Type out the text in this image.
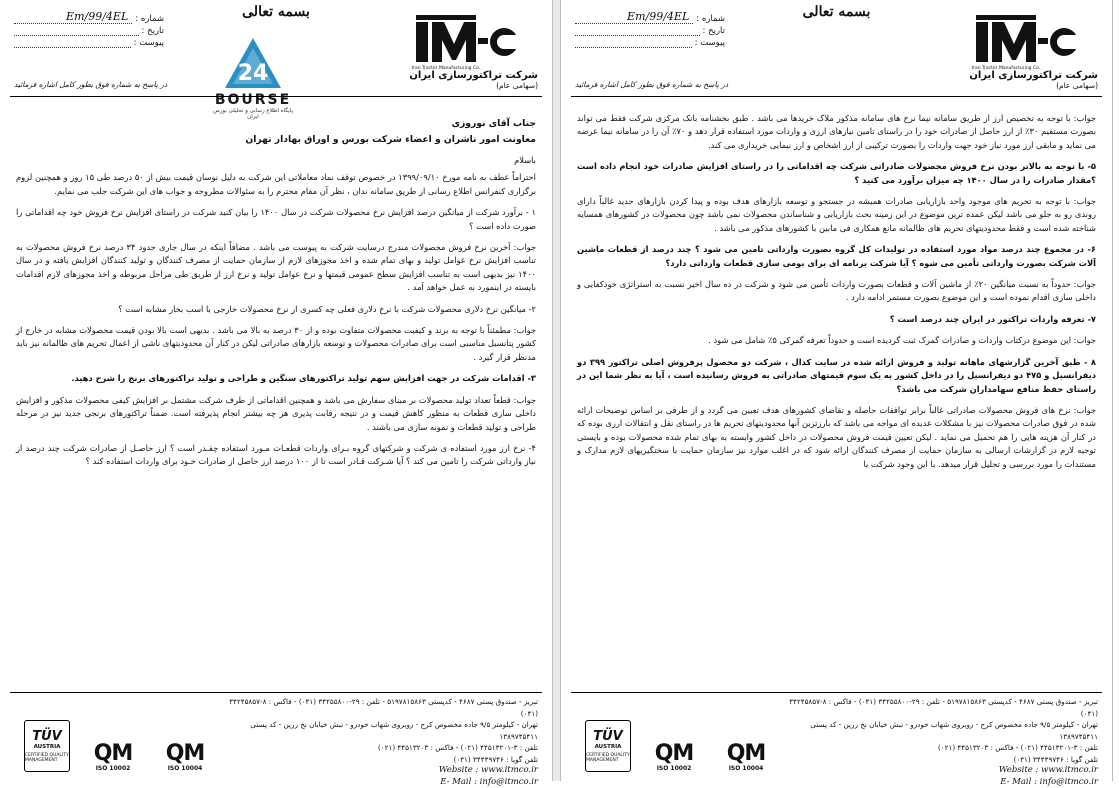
بسمه تعالی
شماره :
Em/99/4EL
تاریخ :
پیوست :
در پاسخ به شماره فوق بطور کامل اشاره فرمائید	24
BOURSE
پایگاه اطلاع رسانی و تحلیلی بورس ایران
Iran Tractor Manufacturing Co.
شرکت تراکتورسازی ایران
(سهامی عام)
جناب آقای نوروزی
معاونت امور ناشران و اعضاء شرکت بورس و اوراق بهادار تهران
باسلام

احتراماً عطف به نامه مورخ ۱۳۹۹/۰۹/۱۰ در خصوص توقف نماد معاملاتی این شرکت به دلیل نوسان قیمت بیش از ۵۰ درصد طی ۱۵ روز و همچنین لزوم برگزاری کنفرانس اطلاع رسانی از طریق سامانه ندان ، نظر آن مقام محترم را به سئوالات مطروحه و جواب های این شرکت جلب می نمایم.

۱ - برآورد شرکت از میانگین درصد افزایش نرخ محصولات شرکت در سال ۱۴۰۰ را بیان کنید شرکت در راستای افزایش نرخ فروش خود چه اقداماتی را صورت داده است ؟

جواب: آخرین نرخ فروش محصولات مندرج درسایت شرکت به پیوست می باشد . مضافاً اینکه در سال جاری حدود ۳۴ درصد نرخ فروش محصولات به تناسب افزایش نرخ عوامل تولید و بهای تمام شده و اخذ مجوزهای لازم از سازمان حمایت از مصرف کنندگان و تولید کنندگان افزایش یافته و در سال ۱۴۰۰ نیز بدیهی است به تناسب افزایش سطح عمومی قیمتها و نرخ عوامل تولید و نرخ ارز از طریق طی مراحل مربوطه و اخذ مجوزهای لازم اقدامات بایسته در اینمورد به عمل خواهد آمد .

۲- میانگین نرخ دلاری محصولات شرکت با نرخ دلاری فعلی چه کسری از نرخ محصولات خارجی با اسب بخار مشابه است ؟

جواب: مطمئناً با توجه به برند و کیفیت محصولات متفاوت بوده و از ۳۰ درصد به بالا می باشد . بدیهی است بالا بودن قیمت محصولات مشابه در خارج از کشور پتانسیل مناسبی است برای صادرات محصولات و توسعه بازارهای صادراتی لیکن در کنار آن محدودیتهای ناشی از اعمال تحریم های ظالمانه نیز باید مدنظر قرار گیرد .

۳- اقدامات شرکت در جهت افزایش سهم تولید تراکتورهای سنگین و طراحی و تولید تراکتورهای برنج را شرح دهید.

جواب: قطعاً تعداد تولید محصولات بر مبنای سفارش می باشد و همچنین اقداماتی از طرف شرکت مشتمل بر افزایش کیفی محصولات مذکور و افزایش داخلی سازی قطعات به منظور کاهش قیمت و در نتیجه رقابت پذیری هر چه بیشتر انجام پذیرفته است. ضمناً تراکتورهای برنجی جدید نیز در مرحله طراحی و تولید قطعات و نمونه سازی می باشند .

۴- نرخ ارز مورد استفاده ی شرکت و شرکتهای گروه بـرای واردات قطعـات مـورد استفاده چقـدر است ؟ ارز حاصـل از صادرات شرکت چند درصد از نیاز وارداتی شرکت را تامین می کند ؟ آیا شـرکت قـادر است تا از ۱۰۰ درصد ارز حاصل از صادرات خـود برای واردات استفاده کند ؟

تبریز - صندوق پستی ۴۶۸۷ - کدپستی ۵۱۹۷۸۱۵۸۶۳ - تلفن : ۲۹-۳۴۲۵۵۸۰۰ (۰۴۱) - فاکس : ۸-۳۴۲۴۵۸۵۷ (۰۴۱)
تهران - کیلومتر ۹/۵ جاده مخصوص کرج - روبروی شهاب خودرو - نبش خیابان نخ زرین - کد پستی ۱۳۸۹۷۴۵۴۱۱
تلفن : ۳-۴۴۵۱۳۲۰۱ (۰۲۱) - فاکس : ۴۴۵۱۳۲۰۳ (۰۲۱)
تلفن گویا : ۳۴۴۴۹۷۴۶ (۰۴۱)
Website : www.itmco.ir
E- Mail : info@itmco.ir
TÜV
AUSTRIA
CERTIFIED QUALITY MANAGEMENT	QM
ISO 10002
QM
ISO 10004
بسمه تعالی
شماره :
Em/99/4EL
تاریخ :
پیوست :
در پاسخ به شماره فوق بطور کامل اشاره فرمائید
Iran Tractor Manufacturing Co.
شرکت تراکتورسازی ایران
(سهامی عام)

جواب: با توجه به تخصیص ارز از طریق سامانه نیما نرخ های سامانه مذکور ملاک خریدها می باشد . طبق بخشنامه بانک مرکزی شرکت فقط می تواند بصورت مستقیم ۳۰٪ از ارز حاصل از صادرات خود را در راستای تامین نیازهای ارزی و واردات مورد استفاده قرار دهد و ۷۰٪ آن را در سامانه نیما عرضه می نماید و مابقی ارز مورد نیاز خود جهت واردات را بصورت ترکیبی از ارز اشخاص و ارز نیمایی خریداری می کند.

۵- با توجه به بالاتر بودن نرخ فروش محصولات صادراتی شرکت چه اقداماتی را در راستای افزایش صادرات خود انجام داده است ؟مقدار صادرات را در سال ۱۴۰۰ چه میزان برآورد می کنید ؟

جواب: با توجه به تحریم های موجود واحد بازاریابی صادرات همیشه در جستجو و توسعه بازارهای هدف بوده و پیدا کردن بازارهای جدید غالباً دارای روندی رو به جلو می باشد لیکن عمده ترین موضوع در این زمینه بحث بازاریابی و شناساندن محصولات نمی باشد چون محصولات در کشورهای همسایه شناخته شده است و فقط محدودیتهای تحریم های ظالمانه مانع همکاری فی مابین با کشورهای مذکور می باشد .

۶- در مجموع چند درصد مواد مورد استفاده در تولیدات کل گروه بصورت وارداتی تامین می شود ؟ چند درصد از قطعات ماشین آلات شرکت بصورت وارداتی تأمین می شوه ؟ آیا شرکت برنامه ای برای بومی سازی قطعات وارداتی دارد؟

جواب: حدوداً به نسبت میانگین ۲۰٪ از ماشین آلات و قطعات بصورت واردات تأمین می شود و شرکت در ده سال اخیر نسبت به استراتژی خودکفایی و داخلی سازی اقدام نموده است و این موضوع بصورت مستمر ادامه دارد .

۷- تعرفه واردات تراکتور در ایران چند درصد است ؟

جواب: این موضوع درکتاب واردات و صادرات گمرک ثبت گردیده است و حدوداً تعرفه گمرکی ۵٪ شامل می شود .

۸ - طبق آخرین گزارشهای ماهانه تولید و فروش ارائه شده در سایت کدال ، شرکت دو محصول پرفروش اصلی تراکتور ۳۹۹ دو دیفرانسیل و ۴۷۵ دو دیفرانسیل را در داخل کشور به یک سوم قیمتهای صادراتی به فروش رسانیده است ، آیا به نظر شما این در راستای حفظ منافع سهامداران شرکت می باشد؟

جواب: نرخ های فروش محصولات صادراتی غالباً برابر توافقات حاصله و تقاضای کشورهای هدف تعیین می گردد و از طرفی بر اساس توضیحات ارائه شده در فوق صادرات محصولات نیز با مشکلات عدیده ای مواجه می باشد که بارزترین آنها محدودیتهای تحریم ها در راستای نقل و انتقالات ارزی بوده که در کنار آن هزینه هایی را هم تحمیل می نماید . لیکن تعیین قیمت فروش محصولات در داخل کشور وابسته به بهای تمام شده محصولات بوده و بایستی توجیه لازم در گزارشات ارسالی به سازمان حمایت از مصرف کنندگان ارائه شود که در اغلب موارد نیز سازمان حمایت با سختگیریهای لازم مدارک و مستندات را مورد بررسی و تحلیل قرار میدهد. با این وجود شرکت با

تبریز - صندوق پستی ۴۶۸۷ - کدپستی ۵۱۹۷۸۱۵۸۶۳ - تلفن : ۲۹-۳۴۲۵۵۸۰۰ (۰۴۱) - فاکس : ۸-۳۴۲۴۵۸۵۷ (۰۴۱)
تهران - کیلومتر ۹/۵ جاده مخصوص کرج - روبروی شهاب خودرو - نبش خیابان نخ زرین - کد پستی ۱۳۸۹۷۴۵۴۱۱
تلفن : ۳-۴۴۵۱۳۲۰۱ (۰۲۱) - فاکس : ۴۴۵۱۳۲۰۳ (۰۲۱)
تلفن گویا : ۳۴۴۴۹۷۴۶ (۰۴۱)
Website : www.itmco.ir
E- Mail : info@itmco.ir
TÜV
AUSTRIA
CERTIFIED QUALITY MANAGEMENT	QM
ISO 10002
QM
ISO 10004
